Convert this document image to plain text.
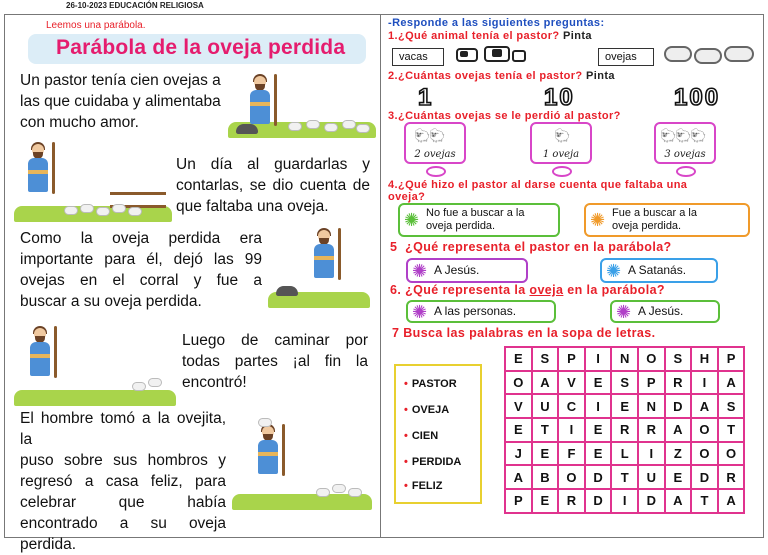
26-10-2023 EDUCACIÓN RELIGIOSA
Leemos una parábola.
Parábola de la oveja perdida
Un pastor tenía cien ovejas a
las que cuidaba y alimentaba
con mucho amor.
Un día al guardarlas y
contarlas, se dio cuenta de
que faltaba una oveja.
Como la oveja perdida era
importante para él, dejó las 99
ovejas en el corral y fue a
buscar a su oveja perdida.
Luego de caminar por
todas partes ¡al fin la
encontró!
El hombre tomó a la ovejita, la
puso sobre sus hombros y
regresó a casa feliz, para
celebrar que había
encontrado a su oveja
perdida.
-Responde a las siguientes preguntas:
1.¿Qué animal tenía el pastor? Pinta
vacas	ovejas
2.¿Cuántas ovejas tenía el pastor? Pinta
1	10	100
3.¿Cuántas ovejas se le perdió al pastor?
🐑🐑
2 ovejas
🐑
1 oveja
🐑🐑🐑
3 ovejas
4.¿Qué hizo el pastor al darse cuenta que faltaba una
oveja?
✺ No fue a buscar a la
oveja perdida.	✺ Fue a buscar a la
oveja perdida.
5 ¿Qué representa el pastor en la parábola?
✺ A Jesús.	✺ A Satanás.
6. ¿Qué representa la oveja en la parábola?
✺ A las personas.	✺ A Jesús.
7 Busca las palabras en la sopa de letras.
• PASTOR
• OVEJA
• CIEN
• PERDIDA
• FELIZ
E	S	P	I	N	O	S	H	P
O	A	V	E	S	P	R	I	A
V	U	C	I	E	N	D	A	S
E	T	I	E	R	R	A	O	T
J	E	F	E	L	I	Z	O	O
A	B	O	D	T	U	E	D	R
P	E	R	D	I	D	A	T	A
